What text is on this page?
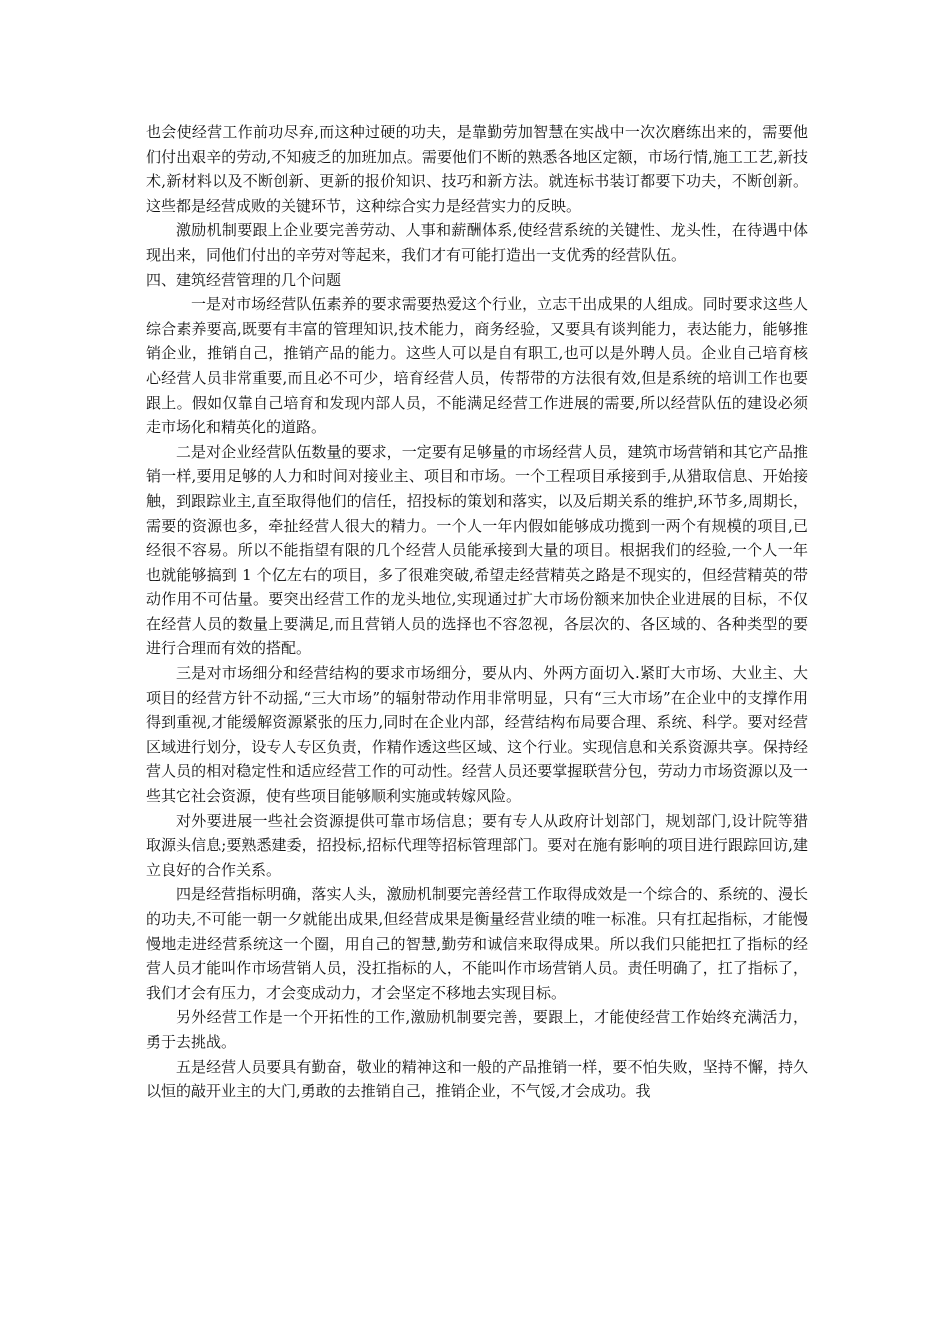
也会使经营工作前功尽弃,而这种过硬的功夫，是靠勤劳加智慧在实战中一次次磨练出来的，需要他们付出艰辛的劳动,不知疲乏的加班加点。需要他们不断的熟悉各地区定额，市场行情,施工工艺,新技术,新材料以及不断创新、更新的报价知识、技巧和新方法。就连标书装订都要下功夫，不断创新。这些都是经营成败的关键环节，这种综合实力是经营实力的反映。

激励机制要跟上企业要完善劳动、人事和薪酬体系,使经营系统的关键性、龙头性，在待遇中体现出来，同他们付出的辛劳对等起来，我们才有可能打造出一支优秀的经营队伍。

四、建筑经营管理的几个问题

一是对市场经营队伍素养的要求需要热爱这个行业，立志干出成果的人组成。同时要求这些人综合素养要高,既要有丰富的管理知识,技术能力，商务经验，又要具有谈判能力，表达能力，能够推销企业，推销自己，推销产品的能力。这些人可以是自有职工,也可以是外聘人员。企业自己培育核心经营人员非常重要,而且必不可少，培育经营人员，传帮带的方法很有效,但是系统的培训工作也要跟上。假如仅靠自己培育和发现内部人员，不能满足经营工作进展的需要,所以经营队伍的建设必须走市场化和精英化的道路。

二是对企业经营队伍数量的要求，一定要有足够量的市场经营人员，建筑市场营销和其它产品推销一样,要用足够的人力和时间对接业主、项目和市场。一个工程项目承接到手,从猎取信息、开始接触，到跟踪业主,直至取得他们的信任，招投标的策划和落实，以及后期关系的维护,环节多,周期长，需要的资源也多，牵扯经营人很大的精力。一个人一年内假如能够成功揽到一两个有规模的项目,已经很不容易。所以不能指望有限的几个经营人员能承接到大量的项目。根据我们的经验,一个人一年也就能够搞到 1 个亿左右的项目，多了很难突破,希望走经营精英之路是不现实的，但经营精英的带动作用不可估量。要突出经营工作的龙头地位,实现通过扩大市场份额来加快企业进展的目标，不仅在经营人员的数量上要满足,而且营销人员的选择也不容忽视，各层次的、各区域的、各种类型的要进行合理而有效的搭配。

三是对市场细分和经营结构的要求市场细分，要从内、外两方面切入.紧盯大市场、大业主、大项目的经营方针不动摇,“三大市场”的辐射带动作用非常明显，只有“三大市场”在企业中的支撑作用得到重视,才能缓解资源紧张的压力,同时在企业内部，经营结构布局要合理、系统、科学。要对经营区域进行划分，设专人专区负责，作精作透这些区域、这个行业。实现信息和关系资源共享。保持经营人员的相对稳定性和适应经营工作的可动性。经营人员还要掌握联营分包，劳动力市场资源以及一些其它社会资源，使有些项目能够顺利实施或转嫁风险。

对外要进展一些社会资源提供可靠市场信息；要有专人从政府计划部门，规划部门,设计院等猎取源头信息;要熟悉建委，招投标,招标代理等招标管理部门。要对在施有影响的项目进行跟踪回访,建立良好的合作关系。

四是经营指标明确，落实人头，激励机制要完善经营工作取得成效是一个综合的、系统的、漫长的功夫,不可能一朝一夕就能出成果,但经营成果是衡量经营业绩的唯一标准。只有扛起指标，才能慢慢地走进经营系统这一个圈，用自己的智慧,勤劳和诚信来取得成果。所以我们只能把扛了指标的经营人员才能叫作市场营销人员，没扛指标的人，不能叫作市场营销人员。责任明确了，扛了指标了，我们才会有压力，才会变成动力，才会坚定不移地去实现目标。

另外经营工作是一个开拓性的工作,激励机制要完善，要跟上，才能使经营工作始终充满活力，勇于去挑战。

五是经营人员要具有勤奋，敬业的精神这和一般的产品推销一样，要不怕失败，坚持不懈，持久以恒的敲开业主的大门,勇敢的去推销自己，推销企业，不气馁,才会成功。我
